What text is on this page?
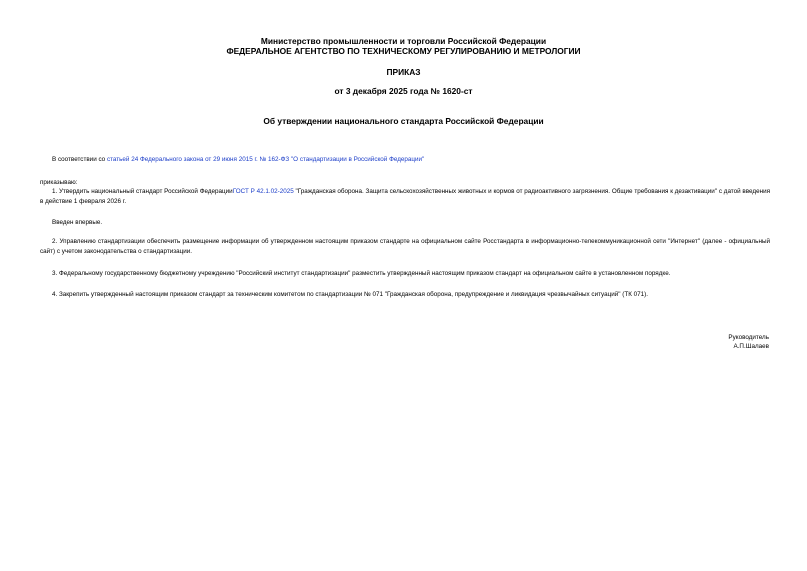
Министерство промышленности и торговли Российской Федерации
ФЕДЕРАЛЬНОЕ АГЕНТСТВО ПО ТЕХНИЧЕСКОМУ РЕГУЛИРОВАНИЮ И МЕТРОЛОГИИ
ПРИКАЗ
от 3 декабря 2025 года № 1620-ст
Об утверждении национального стандарта Российской Федерации
В соответствии со статьей 24 Федерального закона от 29 июня 2015 г. № 162-ФЗ "О стандартизации в Российской Федерации"
приказываю:
1. Утвердить национальный стандарт Российской ФедерацииГОСТ Р 42.1.02-2025 "Гражданская оборона. Защита сельскохозяйственных животных и кормов от радиоактивного загрязнения. Общие требования к дезактивации" с датой введения в действие 1 февраля 2026 г.
Введен впервые.
2. Управлению стандартизации обеспечить размещение информации об утвержденном настоящим приказом стандарте на официальном сайте Росстандарта в информационно-телекоммуникационной сети "Интернет" (далее - официальный сайт) с учетом законодательства о стандартизации.
3. Федеральному государственному бюджетному учреждению "Российский институт стандартизации" разместить утвержденный настоящим приказом стандарт на официальном сайте в установленном порядке.
4. Закрепить утвержденный настоящим приказом стандарт за техническим комитетом по стандартизации № 071 "Гражданская оборона, предупреждение и ликвидация чрезвычайных ситуаций" (ТК 071).
Руководитель
А.П.Шалаев
